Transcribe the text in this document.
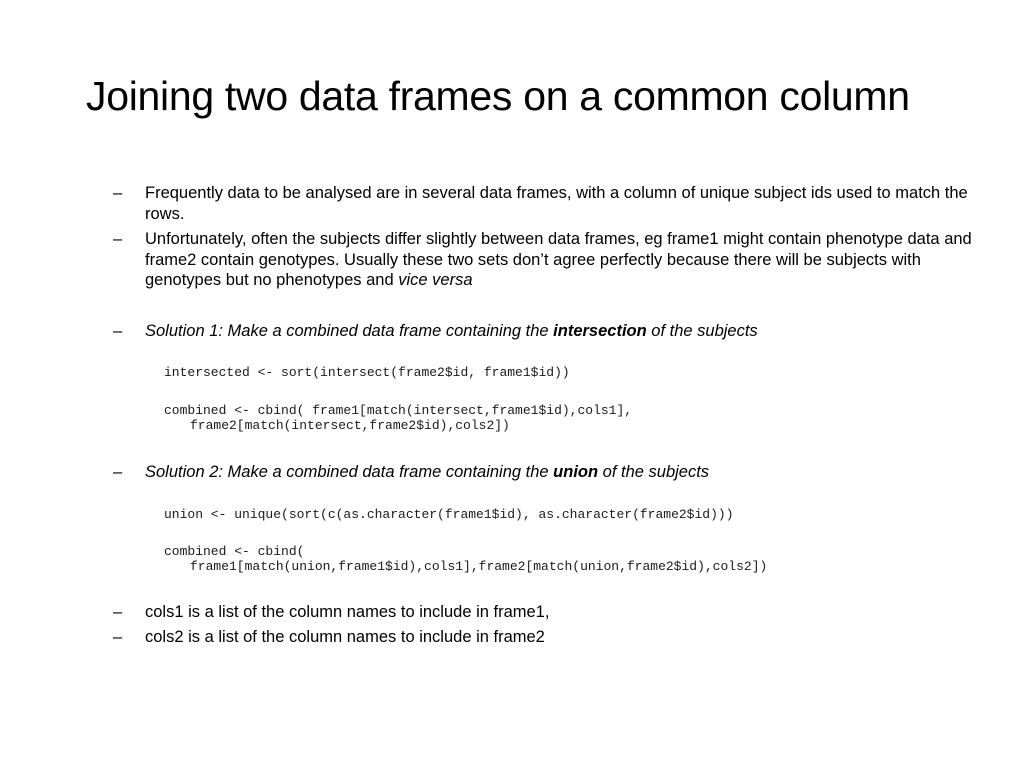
Joining two data frames on a common column
– Frequently data to be analysed are in several data frames, with a column of unique subject ids used to match the rows.
– Unfortunately, often the subjects differ slightly between data frames, eg frame1 might contain phenotype data and frame2 contain genotypes. Usually these two sets don’t agree perfectly because there will be subjects with genotypes but no phenotypes and vice versa
– Solution 1: Make a combined data frame containing the intersection of the subjects
intersected <- sort(intersect(frame2$id, frame1$id))
combined <- cbind( frame1[match(intersect,frame1$id),cols1],
frame2[match(intersect,frame2$id),cols2])
– Solution 2: Make a combined data frame containing the union of the subjects
union <- unique(sort(c(as.character(frame1$id), as.character(frame2$id)))
combined <- cbind(
frame1[match(union,frame1$id),cols1],frame2[match(union,frame2$id),cols2])
– cols1 is a list of the column names to include in frame1,
– cols2 is a list of the column names to include in frame2
